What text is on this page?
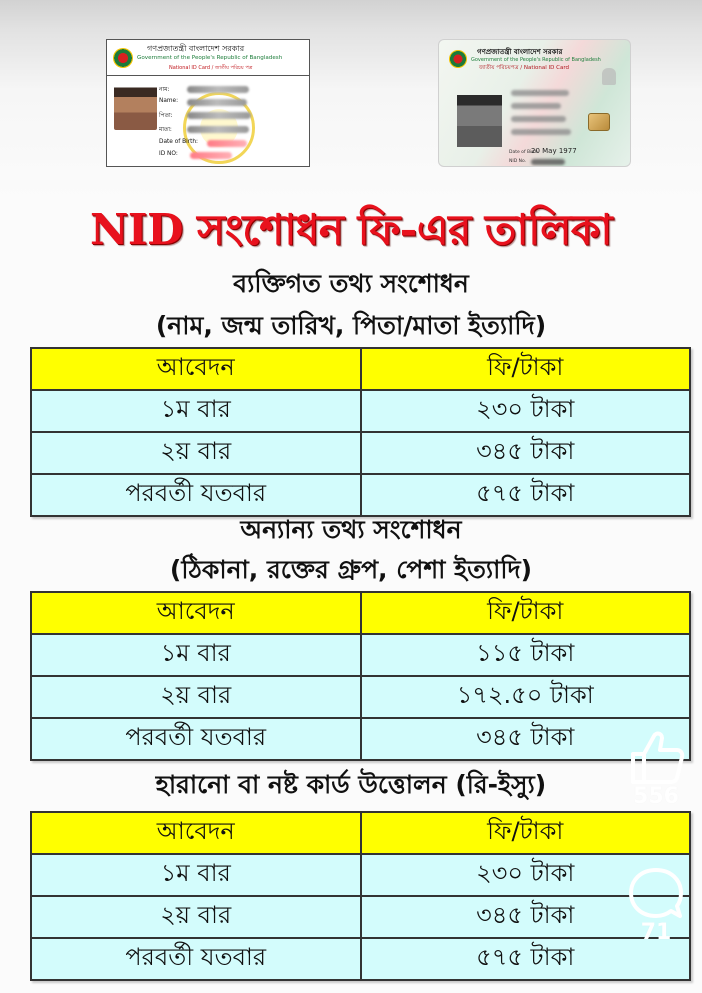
গণপ্রজাতন্ত্রী বাংলাদেশ সরকার
Government of the People's Republic of Bangladesh
National ID Card / জাতীয় পরিচয় পত্র
নাম:
Name:
পিতা:
মাতা:
Date of Birth:
ID NO:
গণপ্রজাতন্ত্রী বাংলাদেশ সরকার
Government of the People's Republic of Bangladesh
জাতীয় পরিচয়পত্র / National ID Card
Date of Birth
20 May 1977
NID No.
NID সংশোধন ফি-এর তালিকা
ব্যক্তিগত তথ্য সংশোধন
(নাম, জন্ম তারিখ, পিতা/মাতা ইত্যাদি)
আবেদন	ফি/টাকা
১ম বার	২৩০ টাকা
২য় বার	৩৪৫ টাকা
পরবর্তী যতবার	৫৭৫ টাকা
অন্যান্য তথ্য সংশোধন
(ঠিকানা, রক্তের গ্রুপ, পেশা ইত্যাদি)
আবেদন	ফি/টাকা
১ম বার	১১৫ টাকা
২য় বার	১৭২.৫০ টাকা
পরবর্তী যতবার	৩৪৫ টাকা
হারানো বা নষ্ট কার্ড উত্তোলন (রি-ইস্যু)
আবেদন	ফি/টাকা
১ম বার	২৩০ টাকা
২য় বার	৩৪৫ টাকা
পরবর্তী যতবার	৫৭৫ টাকা
556
71
